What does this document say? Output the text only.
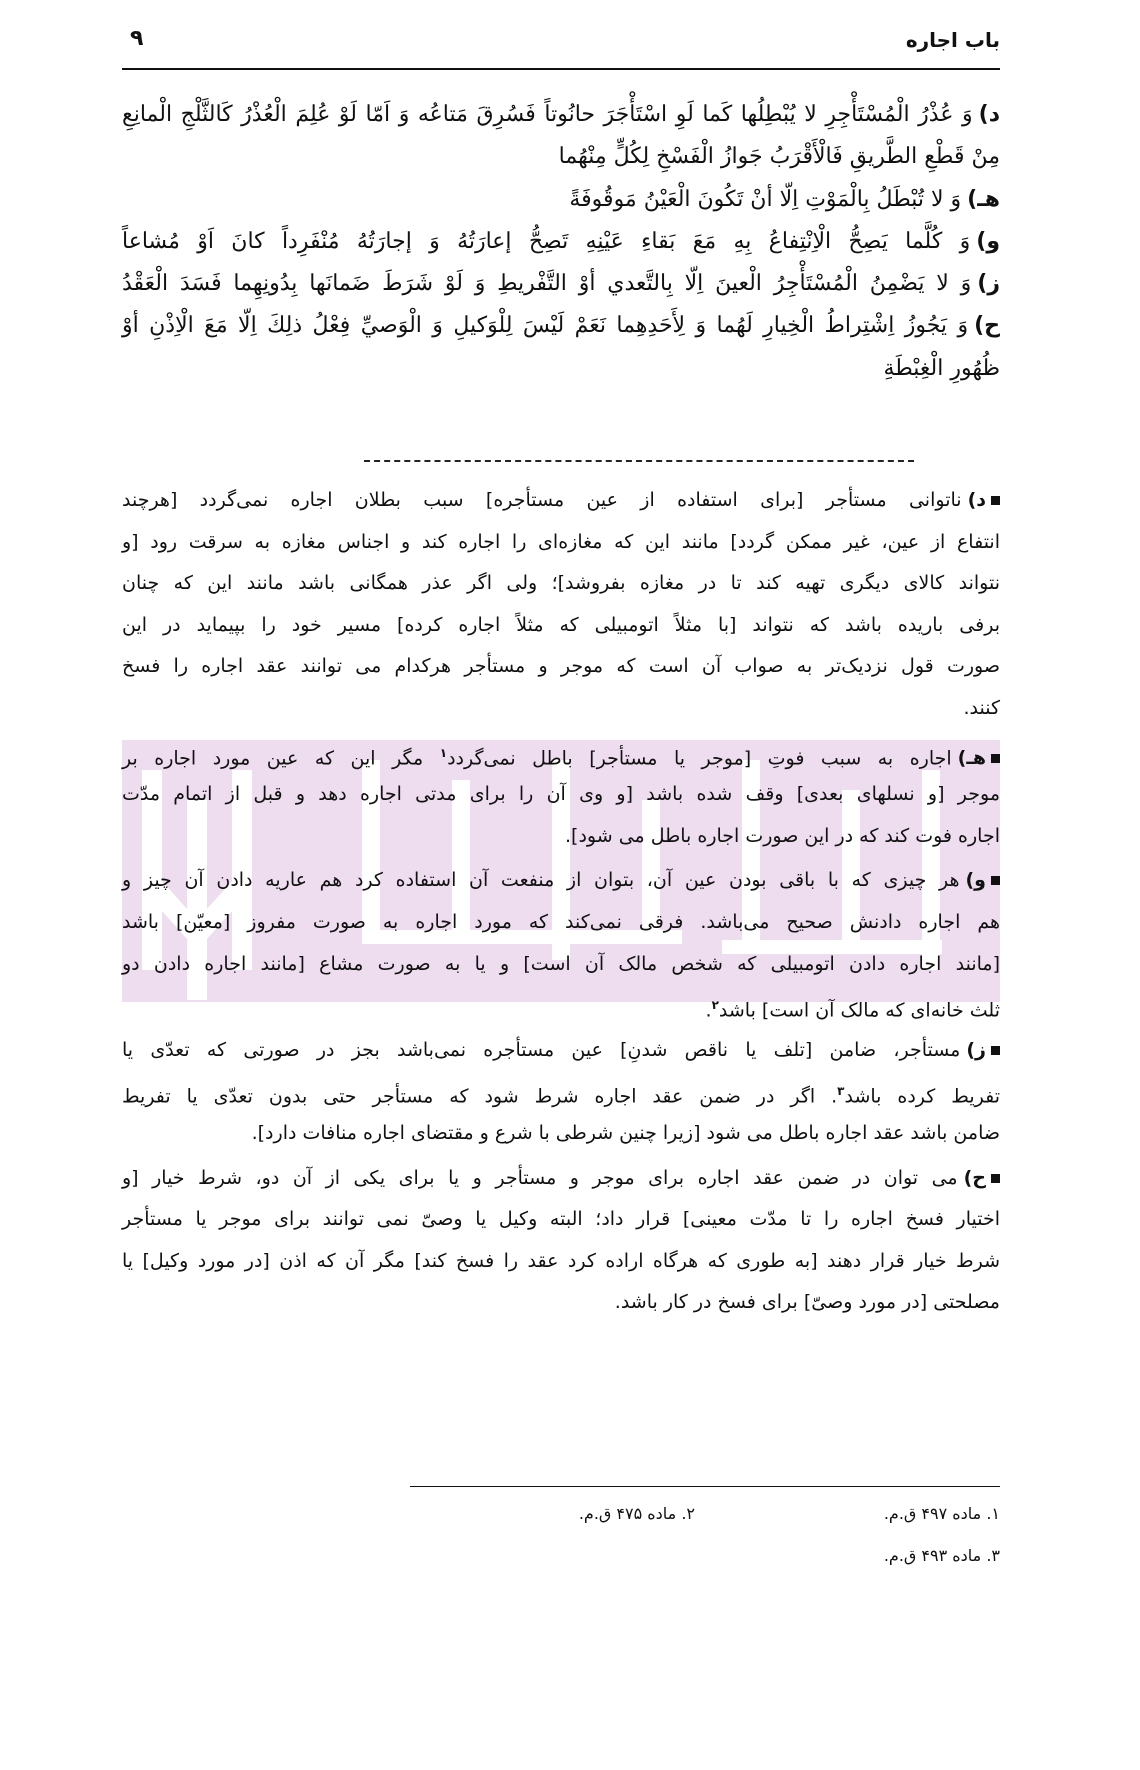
باب اجاره
۹
د)وَ عُذْرُ الْمُسْتَأْجِرِ لا يُبْطِلُها كَما لَوِ اسْتَأْجَرَ حانُوتاً فَسُرِقَ مَتاعُه وَ اَمّا لَوْ عُلِمَ الْعُذْرُ كَالثَّلْجِ الْمانِعِ
مِنْ قَطْعِ الطَّريقِ فَالْأَقْرَبُ جَوازُ الْفَسْخِ لِكُلٍّ مِنْهُما
هـ)وَ لا تُبْطَلُ بِالْمَوْتِ اِلّا أنْ تَكُونَ الْعَيْنُ مَوقُوفَةً
و)وَ كُلَّما يَصِحُّ الْاِنْتِفاعُ بِهِ مَعَ بَقاءِ عَيْنِهِ تَصِحُّ إعارَتُهُ وَ إجارَتُهُ مُنْفَرِداً كانَ اَوْ مُشاعاً
ز)وَ لا يَضْمِنُ الْمُسْتَأْجِرُ الْعينَ اِلّا بِالتَّعدي أوْ التَّفْريطِ وَ لَوْ شَرَطَ ضَمانَها بِدُونِهِما فَسَدَ الْعَقْدُ
ح)وَ يَجُوزُ اِشْتِراطُ الْخِيارِ لَهُما وَ لِأَحَدِهِما نَعَمْ لَيْسَ لِلْوَكيلِ وَ الْوَصيِّ فِعْلُ ذلِكَ اِلّا مَعَ الْاِذْنِ أوْ
ظُهُورِ الْغِبْطَةِ
د)ناتوانی مستأجر [برای استفاده از عین مستأجره] سبب بطلان اجاره نمی‌گردد [هرچند
انتفاع از عین، غیر ممکن گردد] مانند این که مغازه‌ای را اجاره کند و اجناس مغازه به سرقت رود [و
نتواند کالای دیگری تهیه کند تا در مغازه بفروشد]؛ ولی اگر عذر همگانی باشد مانند این که چنان
برفی باریده باشد که نتواند [با مثلاً اتومبیلی که مثلاً اجاره کرده] مسیر خود را بپیماید در این
صورت قول نزدیک‌تر به صواب آن است که موجر و مستأجر هرکدام می توانند عقد اجاره را فسخ
کنند.
هـ)اجاره به سبب فوتِ [موجر یا مستأجر] باطل نمی‌گردد$^۱$ مگر این که عین مورد اجاره بر
موجر [و نسلهای بعدی] وقف شده باشد [و وی آن را برای مدتی اجاره دهد و قبل از اتمام مدّت
اجاره فوت کند که در این صورت اجاره باطل می شود].
و)هر چیزی که با باقی بودن عین آن، بتوان از منفعت آن استفاده کرد هم عاریه دادن آن چیز و
هم اجاره دادنش صحیح می‌باشد. فرقی نمی‌کند که مورد اجاره به صورت مفروز [معیّن] باشد
[مانند اجاره دادن اتومبیلی که شخص مالک آن است] و یا به صورت مشاع [مانند اجاره دادن دو
ثلث خانه‌ای که مالک آن است] باشد$^۲$.
ز)مستأجر، ضامن [تلف یا ناقص شدنِ] عین مستأجره نمی‌باشد بجز در صورتی که تعدّی یا
تفریط کرده باشد$^۳$. اگر در ضمن عقد اجاره شرط شود که مستأجر حتی بدون تعدّی یا تفریط
ضامن باشد عقد اجاره باطل می شود [زیرا چنین شرطی با شرع و مقتضای اجاره منافات دارد].
ح)می توان در ضمن عقد اجاره برای موجر و مستأجر و یا برای یکی از آن دو، شرط خیار [و
اختیار فسخ اجاره را تا مدّت معینی] قرار داد؛ البته وکیل یا وصیّ نمی توانند برای موجر یا مستأجر
شرط خیار قرار دهند [به طوری که هرگاه اراده کرد عقد را فسخ کند] مگر آن که اذن [در مورد وکیل] یا
مصلحتی [در مورد وصیّ] برای فسخ در کار باشد.
۱. ماده ۴۹۷ ق.م.
۲. ماده ۴۷۵ ق.م.
۳. ماده ۴۹۳ ق.م.
